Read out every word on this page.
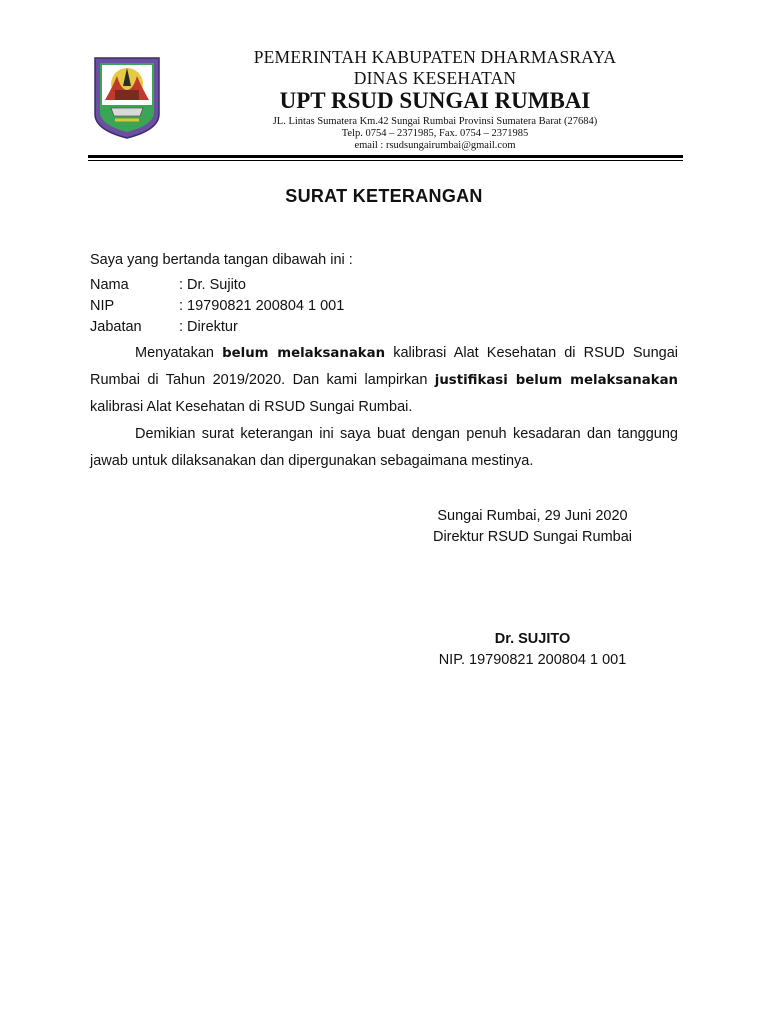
PEMERINTAH KABUPATEN DHARMASRAYA
DINAS KESEHATAN
UPT RSUD SUNGAI RUMBAI
JL. Lintas Sumatera Km.42 Sungai Rumbai Provinsi Sumatera Barat (27684)
Telp. 0754 – 2371985, Fax. 0754 – 2371985
email : rsudsungairumbai@gmail.com
SURAT KETERANGAN
Saya yang bertanda tangan dibawah ini :
Nama	: Dr. Sujito
NIP	: 19790821 200804 1 001
Jabatan	: Direktur
Menyatakan belum melaksanakan kalibrasi Alat Kesehatan di RSUD Sungai Rumbai di Tahun 2019/2020. Dan kami lampirkan justifikasi belum melaksanakan kalibrasi Alat Kesehatan di RSUD Sungai Rumbai.
Demikian surat keterangan ini saya buat dengan penuh kesadaran dan tanggung jawab untuk dilaksanakan dan dipergunakan sebagaimana mestinya.
Sungai Rumbai, 29 Juni 2020
Direktur RSUD Sungai Rumbai
Dr. SUJITO
NIP. 19790821 200804 1 001
